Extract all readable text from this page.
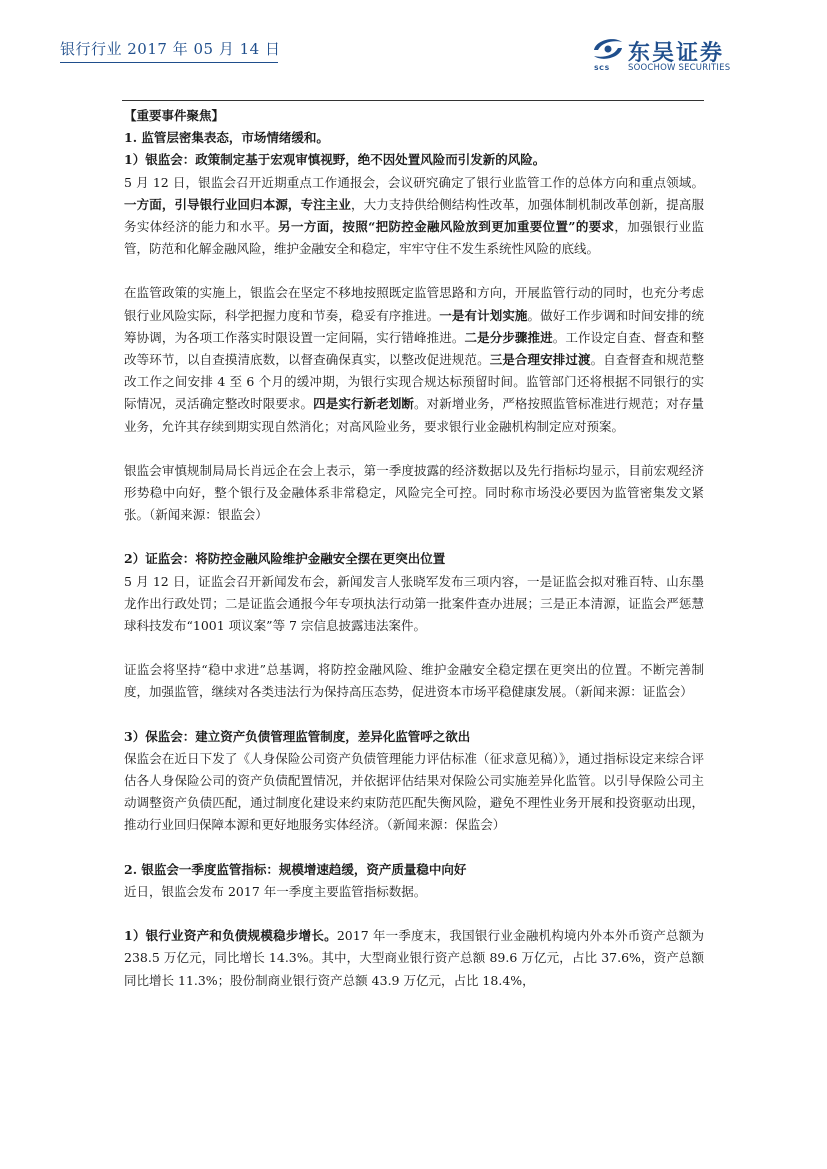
银行行业 2017 年 05 月 14 日
SCS
东吴证券
SOOCHOW SECURITIES

【重要事件聚焦】

1. 监管层密集表态，市场情绪缓和。

1）银监会：政策制定基于宏观审慎视野，绝不因处置风险而引发新的风险。

5 月 12 日，银监会召开近期重点工作通报会，会议研究确定了银行业监管工作的总体方向和重点领域。一方面，引导银行业回归本源，专注主业，大力支持供给侧结构性改革，加强体制机制改革创新，提高服务实体经济的能力和水平。另一方面，按照“把防控金融风险放到更加重要位置”的要求，加强银行业监管，防范和化解金融风险，维护金融安全和稳定，牢牢守住不发生系统性风险的底线。

在监管政策的实施上，银监会在坚定不移地按照既定监管思路和方向，开展监管行动的同时，也充分考虑银行业风险实际，科学把握力度和节奏，稳妥有序推进。一是有计划实施。做好工作步调和时间安排的统筹协调，为各项工作落实时限设置一定间隔，实行错峰推进。二是分步骤推进。工作设定自查、督查和整改等环节，以自查摸清底数，以督查确保真实，以整改促进规范。三是合理安排过渡。自查督查和规范整改工作之间安排 4 至 6 个月的缓冲期，为银行实现合规达标预留时间。监管部门还将根据不同银行的实际情况，灵活确定整改时限要求。四是实行新老划断。对新增业务，严格按照监管标准进行规范；对存量业务，允许其存续到期实现自然消化；对高风险业务，要求银行业金融机构制定应对预案。

银监会审慎规制局局长肖远企在会上表示，第一季度披露的经济数据以及先行指标均显示，目前宏观经济形势稳中向好，整个银行及金融体系非常稳定，风险完全可控。同时称市场没必要因为监管密集发文紧张。（新闻来源：银监会）

2）证监会：将防控金融风险维护金融安全摆在更突出位置

5 月 12 日，证监会召开新闻发布会，新闻发言人张晓军发布三项内容，一是证监会拟对雅百特、山东墨龙作出行政处罚；二是证监会通报今年专项执法行动第一批案件查办进展；三是正本清源，证监会严惩慧球科技发布“1001 项议案”等 7 宗信息披露违法案件。

证监会将坚持“稳中求进”总基调，将防控金融风险、维护金融安全稳定摆在更突出的位置。不断完善制度，加强监管，继续对各类违法行为保持高压态势，促进资本市场平稳健康发展。（新闻来源：证监会）

3）保监会：建立资产负债管理监管制度，差异化监管呼之欲出

保监会在近日下发了《人身保险公司资产负债管理能力评估标准（征求意见稿）》，通过指标设定来综合评估各人身保险公司的资产负债配置情况，并依据评估结果对保险公司实施差异化监管。以引导保险公司主动调整资产负债匹配，通过制度化建设来约束防范匹配失衡风险，避免不理性业务开展和投资驱动出现，推动行业回归保障本源和更好地服务实体经济。（新闻来源：保监会）

2. 银监会一季度监管指标：规模增速趋缓，资产质量稳中向好

近日，银监会发布 2017 年一季度主要监管指标数据。

1）银行业资产和负债规模稳步增长。2017 年一季度末，我国银行业金融机构境内外本外币资产总额为 238.5 万亿元，同比增长 14.3%。其中，大型商业银行资产总额 89.6 万亿元，占比 37.6%，资产总额同比增长 11.3%；股份制商业银行资产总额 43.9 万亿元，占比 18.4%，
